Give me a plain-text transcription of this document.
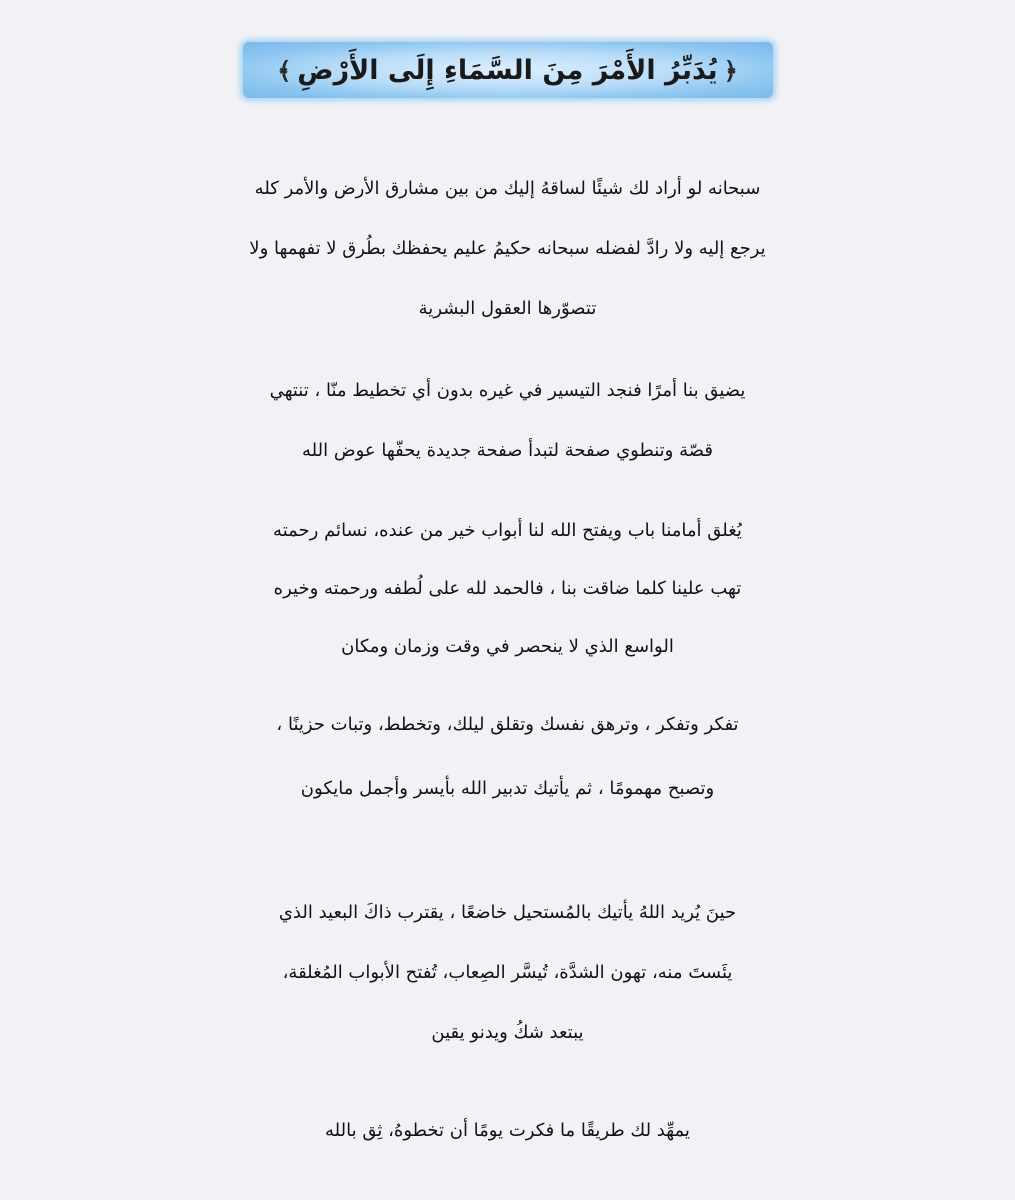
﴿يُدَبِّرُ الأَمْرَ مِنَ السَّمَاءِ إِلَى الأَرْضِ﴾
سبحانه لو أراد لك شيئًا لساقهُ إليك من بين مشارق الأرض والأمر كله
يرجع إليه ولا رادَّ لفضله سبحانه حكيمُ عليم يحفظك بطُرق لا تفهمها ولا
تتصوّرها العقول البشرية
يضيق بنا أمرًا فنجد التيسير في غيره بدون أي تخطيط منّا ، تنتهي
قصّة وتنطوي صفحة لتبدأ صفحة جديدة يحفّها عوض الله
يُغلق أمامنا باب ويفتح الله لنا أبواب خير من عنده، نسائم رحمته
تهب علينا كلما ضاقت بنا ، فالحمد لله على لُطفه ورحمته وخيره
الواسع الذي لا ينحصر في وقت وزمان ومكان
تفكر وتفكر ، وترهق نفسك وتقلق ليلك، وتخطط، وتبات حزينًا ،
وتصبح مهمومًا ، ثم يأتيك تدبير الله بأيسر وأجمل مايكون
حينَ يُريد اللهُ يأتيك بالمُستحيل خاضعًا ، يقترب ذاكَ البعيد الذي
يئَستَ منه، تهون الشدَّة، تُيسَّر الصِعاب، تُفتح الأبواب المُغلقة،
يبتعد شكُ ويدنو يقين
يمهِّد لك طريقًا ما فكرت يومًا أن تخطوهُ، ثِق بالله
